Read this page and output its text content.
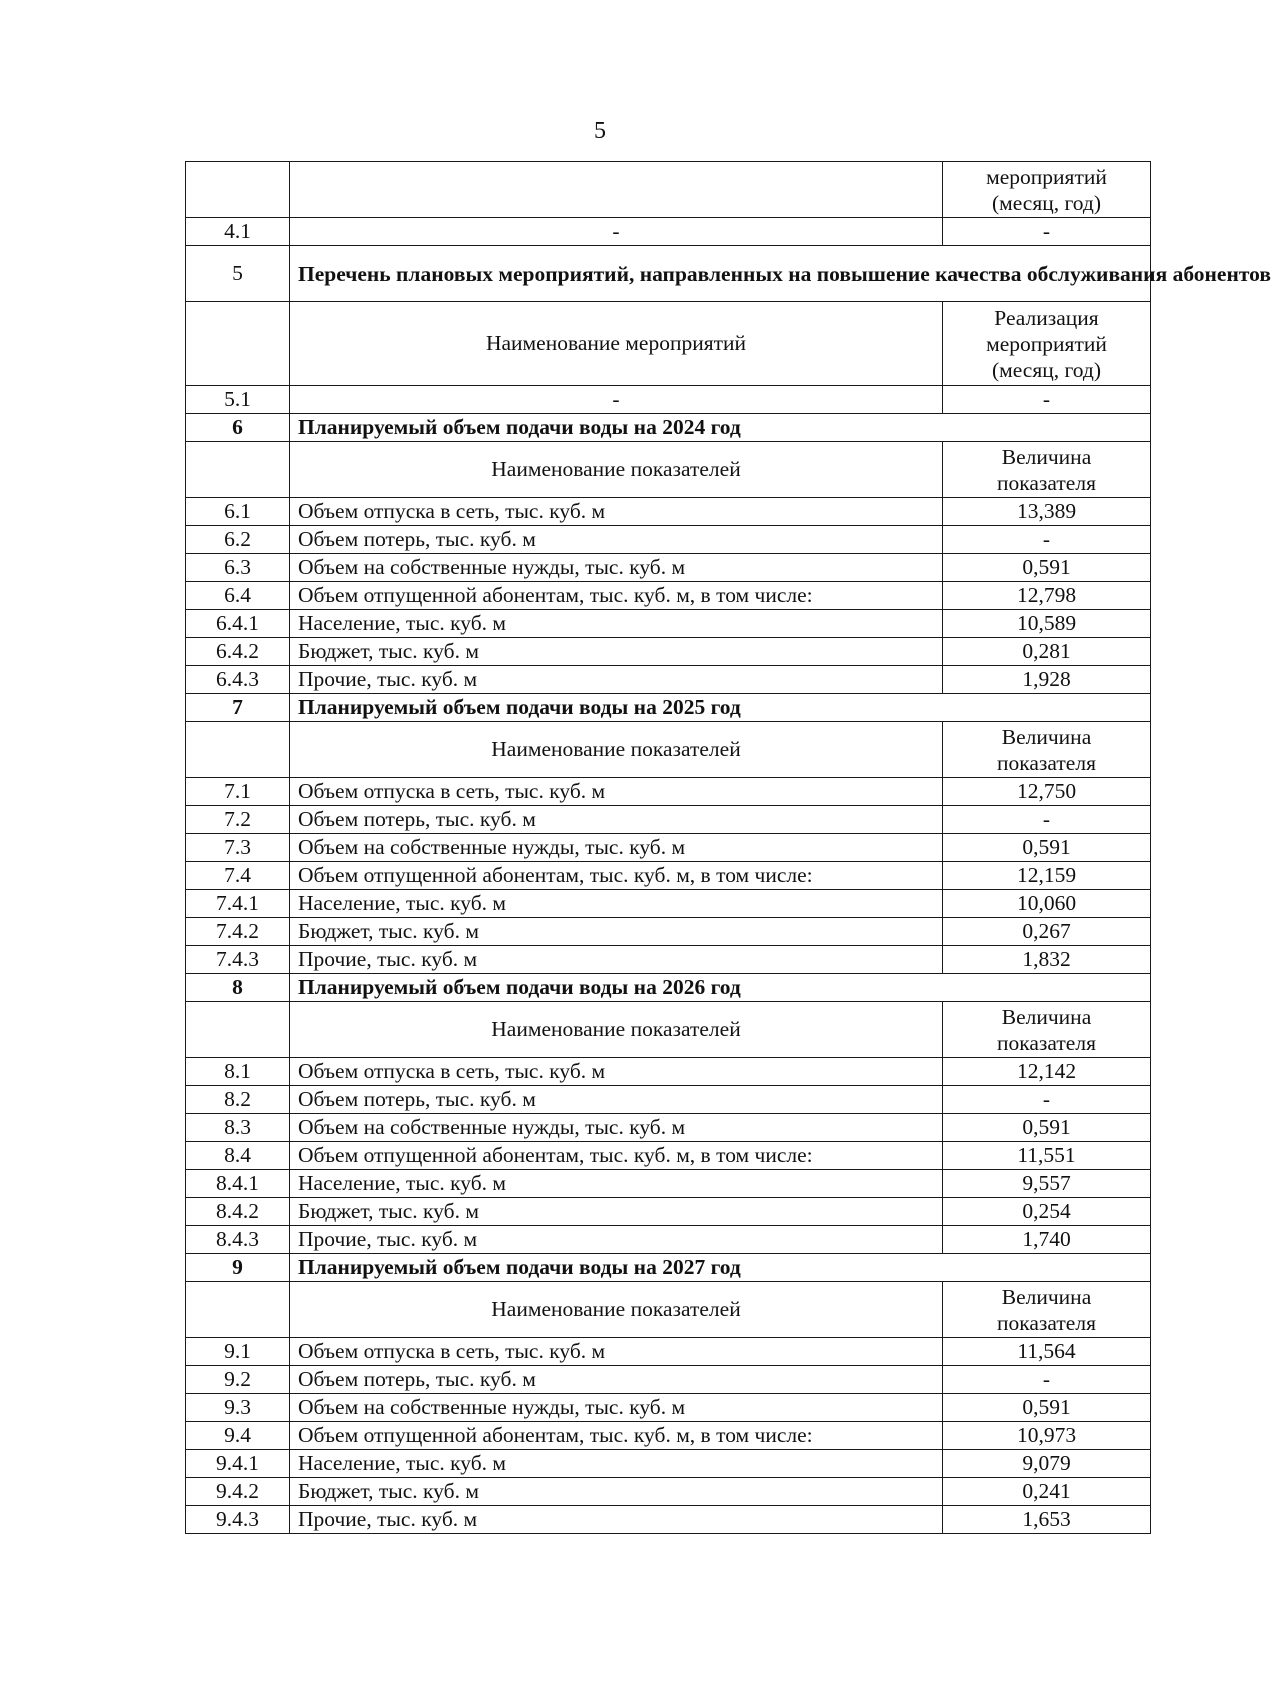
5
		мероприятий
(месяц, год)
4.1	-	-
5	Перечень плановых мероприятий, направленных на повышение качества обслуживания абонентов	
	Наименование мероприятий	Реализация
мероприятий
(месяц, год)
5.1	-	-
6	Планируемый объем подачи воды на 2024 год	
	Наименование показателей	Величина
показателя
6.1	Объем отпуска в сеть, тыс. куб. м	13,389
6.2	Объем потерь, тыс. куб. м	-
6.3	Объем на собственные нужды, тыс. куб. м	0,591
6.4	Объем отпущенной абонентам, тыс. куб. м, в том числе:	12,798
6.4.1	Население, тыс. куб. м	10,589
6.4.2	Бюджет, тыс. куб. м	0,281
6.4.3	Прочие, тыс. куб. м	1,928
7	Планируемый объем подачи воды на 2025 год	
	Наименование показателей	Величина
показателя
7.1	Объем отпуска в сеть, тыс. куб. м	12,750
7.2	Объем потерь, тыс. куб. м	-
7.3	Объем на собственные нужды, тыс. куб. м	0,591
7.4	Объем отпущенной абонентам, тыс. куб. м, в том числе:	12,159
7.4.1	Население, тыс. куб. м	10,060
7.4.2	Бюджет, тыс. куб. м	0,267
7.4.3	Прочие, тыс. куб. м	1,832
8	Планируемый объем подачи воды на 2026 год	
	Наименование показателей	Величина
показателя
8.1	Объем отпуска в сеть, тыс. куб. м	12,142
8.2	Объем потерь, тыс. куб. м	-
8.3	Объем на собственные нужды, тыс. куб. м	0,591
8.4	Объем отпущенной абонентам, тыс. куб. м, в том числе:	11,551
8.4.1	Население, тыс. куб. м	9,557
8.4.2	Бюджет, тыс. куб. м	0,254
8.4.3	Прочие, тыс. куб. м	1,740
9	Планируемый объем подачи воды на 2027 год	
	Наименование показателей	Величина
показателя
9.1	Объем отпуска в сеть, тыс. куб. м	11,564
9.2	Объем потерь, тыс. куб. м	-
9.3	Объем на собственные нужды, тыс. куб. м	0,591
9.4	Объем отпущенной абонентам, тыс. куб. м, в том числе:	10,973
9.4.1	Население, тыс. куб. м	9,079
9.4.2	Бюджет, тыс. куб. м	0,241
9.4.3	Прочие, тыс. куб. м	1,653
